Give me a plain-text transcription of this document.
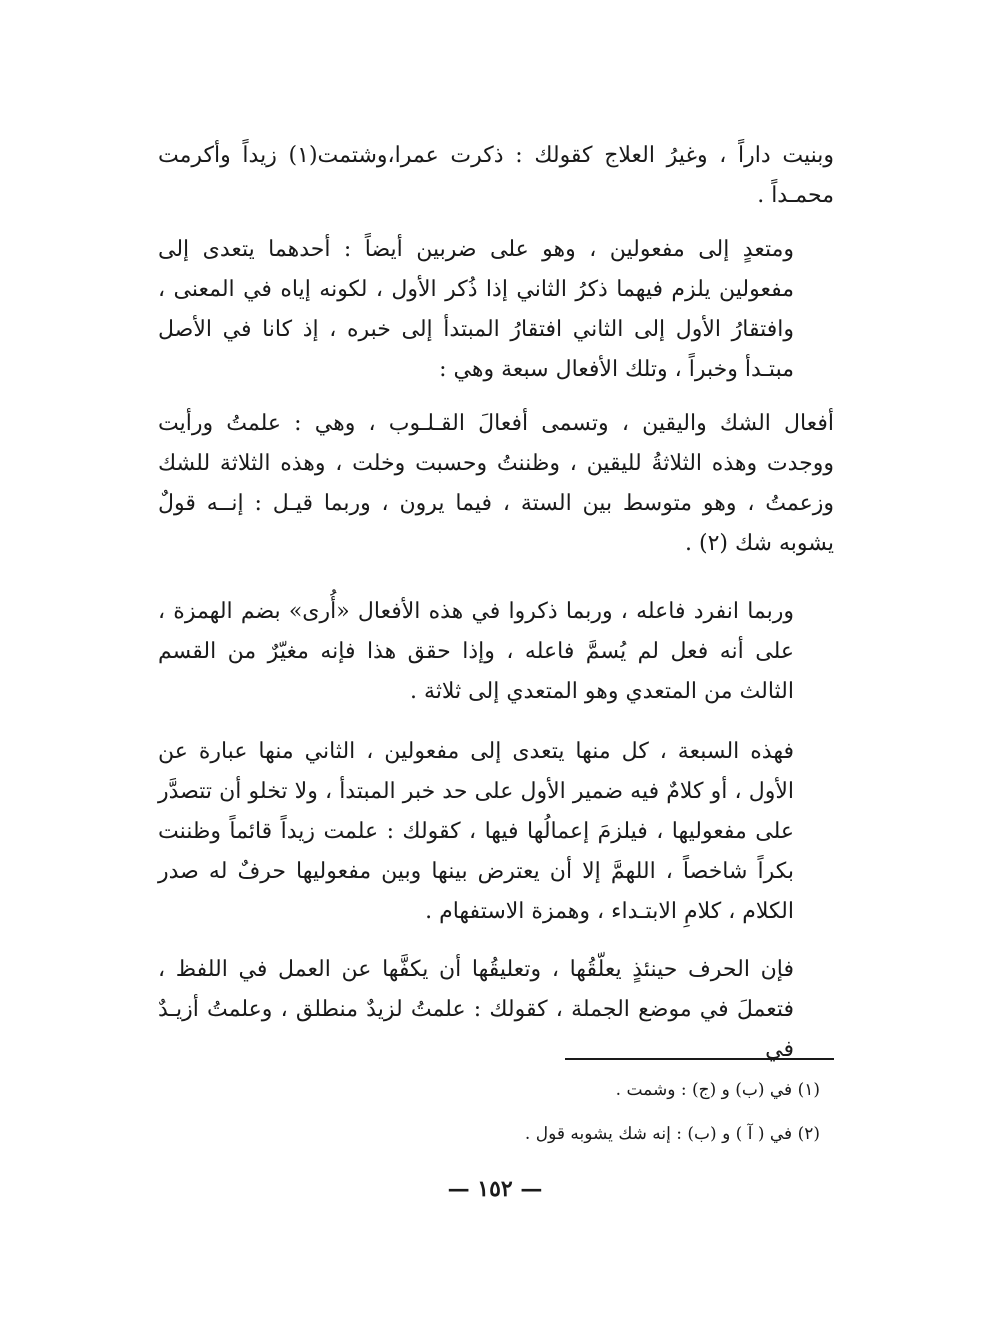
وبنيت داراً ، وغيرُ العلاج كقولك : ذكرت عمرا،وشتمت(١) زيداً وأكرمت محمـداً .

ومتعدٍ إلى مفعولين ، وهو على ضربين أيضاً : أحدهما يتعدى إلى مفعولين يلزم فيهما ذكرُ الثاني إذا ذُكر الأول ، لكونه إياه في المعنى ، وافتقارُ الأول إلى الثاني افتقارُ المبتدأ إلى خبره ، إذ كانا في الأصل مبتـدأ وخبراً ، وتلك الأفعال سبعة وهي :

أفعال الشك واليقين ، وتسمى أفعالَ القـلـوب ، وهي : علمتُ ورأيت ووجدت وهذه الثلاثةُ لليقين ، وظننتُ وحسبت وخلت ، وهذه الثلاثة للشك وزعمتُ ، وهو متوسط بين الستة ، فيما يرون ، وربما قيـل : إنــه قولٌ يشوبه شك (٢) .

وربما انفرد فاعله ، وربما ذكروا في هذه الأفعال «أُرى» بضم الهمزة ، على أنه فعل لم يُسمَّ فاعله ، وإذا حقق هذا فإنه مغيّرٌ من القسم الثالث من المتعدي وهو المتعدي إلى ثلاثة .

فهذه السبعة ، كل منها يتعدى إلى مفعولين ، الثاني منها عبارة عن الأول ، أو كلامٌ فيه ضمير الأول على حد خبر المبتدأ ، ولا تخلو أن تتصدَّر على مفعوليها ، فيلزمَ إعمالُها فيها ، كقولك : علمت زيداً قائماً وظننت بكراً شاخصاً ، اللهمَّ إلا أن يعترض بينها وبين مفعوليها حرفٌ له صدر الكلام ، كلامِ الابتـداء ، وهمزة الاستفهام .

فإن الحرف حينئذٍ يعلّقُها ، وتعليقُها أن يكفَّها عن العمل في اللفظ ، فتعملَ في موضع الجملة ، كقولك : علمتُ لزيدٌ منطلق ، وعلمتُ أزيـدٌ في

(١) في (ب) و (ج) : وشمت .
(٢) في ( آ ) و (ب) : إنه شك يشوبه قول .
— ١٥٢ —
